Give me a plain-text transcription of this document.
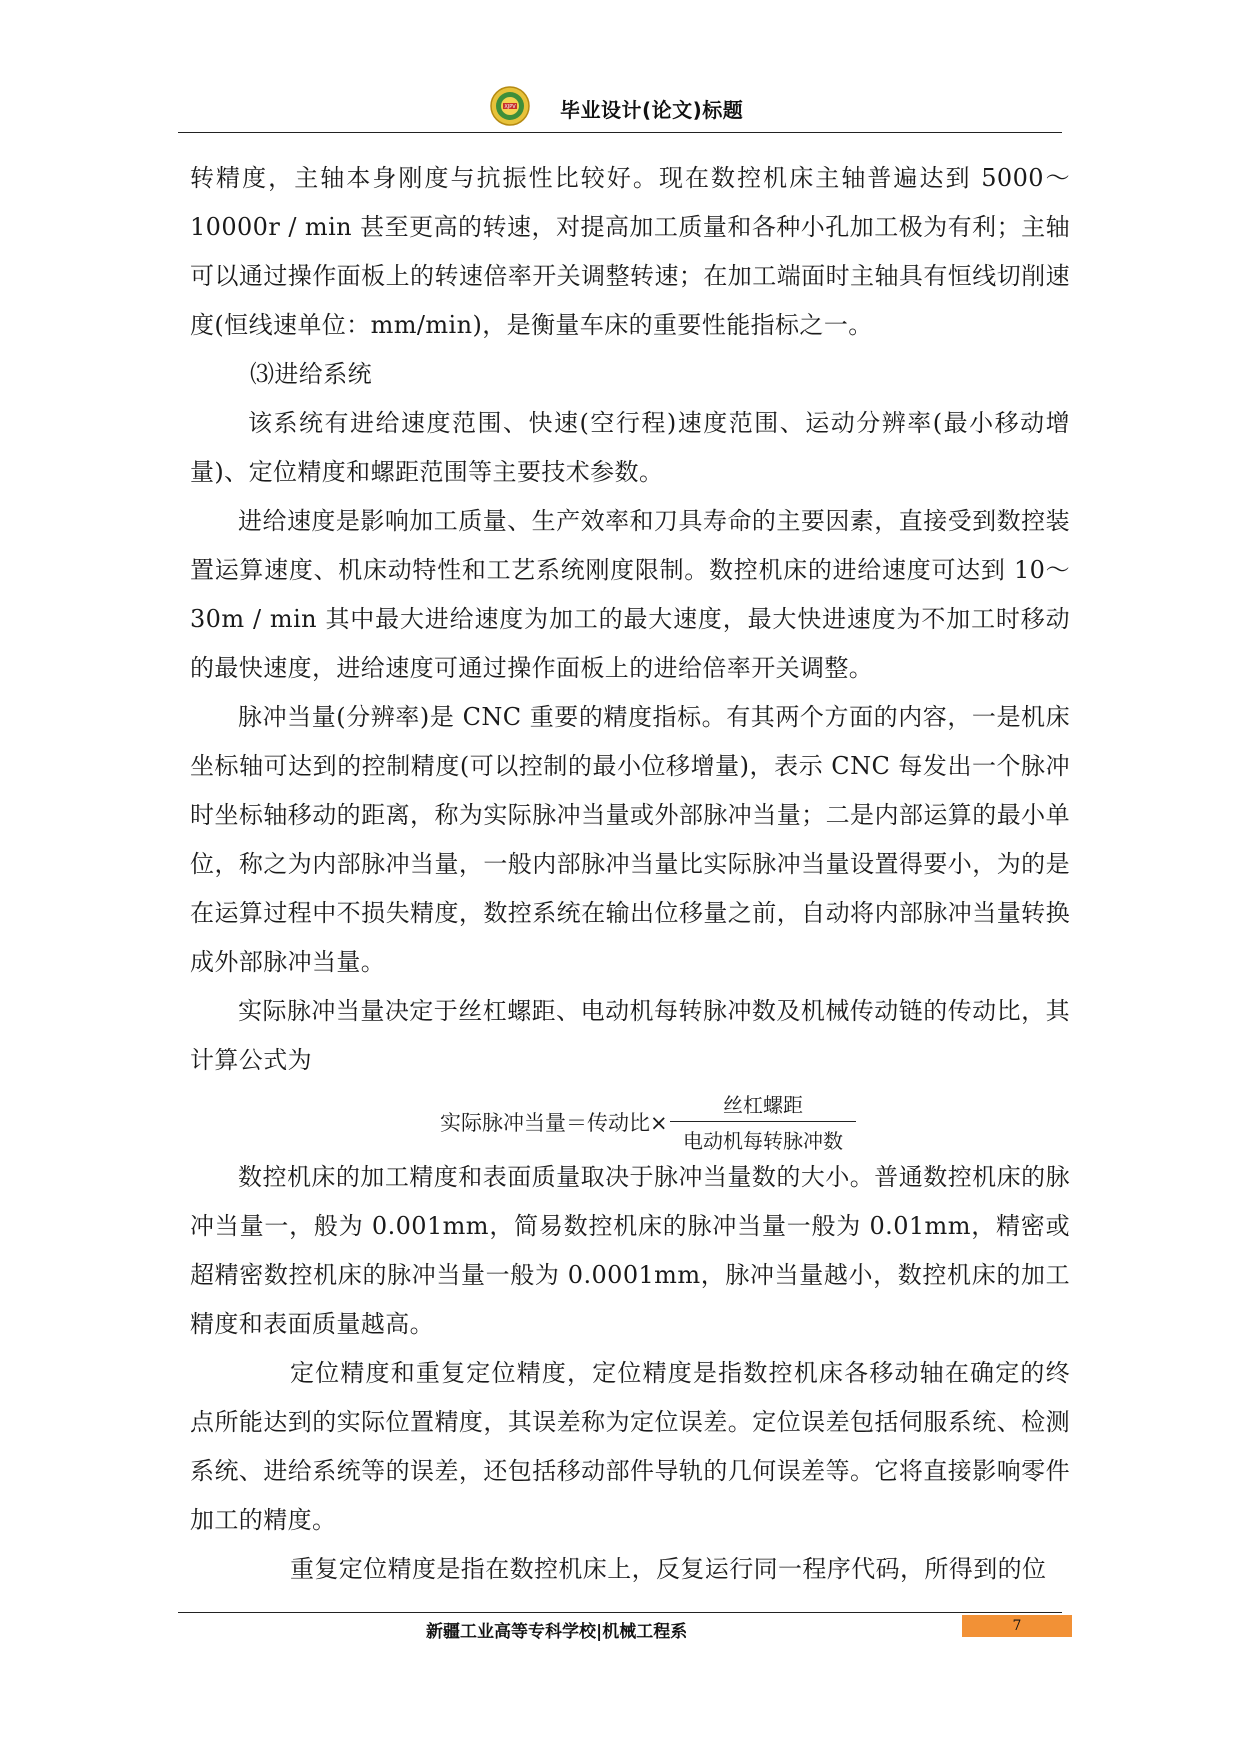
XJPV 毕业设计(论文)标题

转精度，主轴本身刚度与抗振性比较好。现在数控机床主轴普遍达到 5000～10000r / min 甚至更高的转速，对提高加工质量和各种小孔加工极为有利；主轴可以通过操作面板上的转速倍率开关调整转速；在加工端面时主轴具有恒线切削速度(恒线速单位：mm/min)，是衡量车床的重要性能指标之一。

⑶进给系统

该系统有进给速度范围、快速(空行程)速度范围、运动分辨率(最小移动增量)、定位精度和螺距范围等主要技术参数。

进给速度是影响加工质量、生产效率和刀具寿命的主要因素，直接受到数控装置运算速度、机床动特性和工艺系统刚度限制。数控机床的进给速度可达到 10～30m / min 其中最大进给速度为加工的最大速度，最大快进速度为不加工时移动的最快速度，进给速度可通过操作面板上的进给倍率开关调整。

脉冲当量(分辨率)是 CNC 重要的精度指标。有其两个方面的内容，一是机床坐标轴可达到的控制精度(可以控制的最小位移增量)，表示 CNC 每发出一个脉冲时坐标轴移动的距离，称为实际脉冲当量或外部脉冲当量；二是内部运算的最小单位，称之为内部脉冲当量，一般内部脉冲当量比实际脉冲当量设置得要小，为的是在运算过程中不损失精度，数控系统在输出位移量之前，自动将内部脉冲当量转换成外部脉冲当量。

实际脉冲当量决定于丝杠螺距、电动机每转脉冲数及机械传动链的传动比，其计算公式为

实际脉冲当量＝传动比×
丝杠螺距
电动机每转脉冲数

数控机床的加工精度和表面质量取决于脉冲当量数的大小。普通数控机床的脉冲当量一，般为 0.001mm，简易数控机床的脉冲当量一般为 0.01mm，精密或超精密数控机床的脉冲当量一般为 0.0001mm，脉冲当量越小，数控机床的加工精度和表面质量越高。

定位精度和重复定位精度，定位精度是指数控机床各移动轴在确定的终点所能达到的实际位置精度，其误差称为定位误差。定位误差包括伺服系统、检测系统、进给系统等的误差，还包括移动部件导轨的几何误差等。它将直接影响零件加工的精度。

重复定位精度是指在数控机床上，反复运行同一程序代码，所得到的位

新疆工业高等专科学校|机械工程系	7
